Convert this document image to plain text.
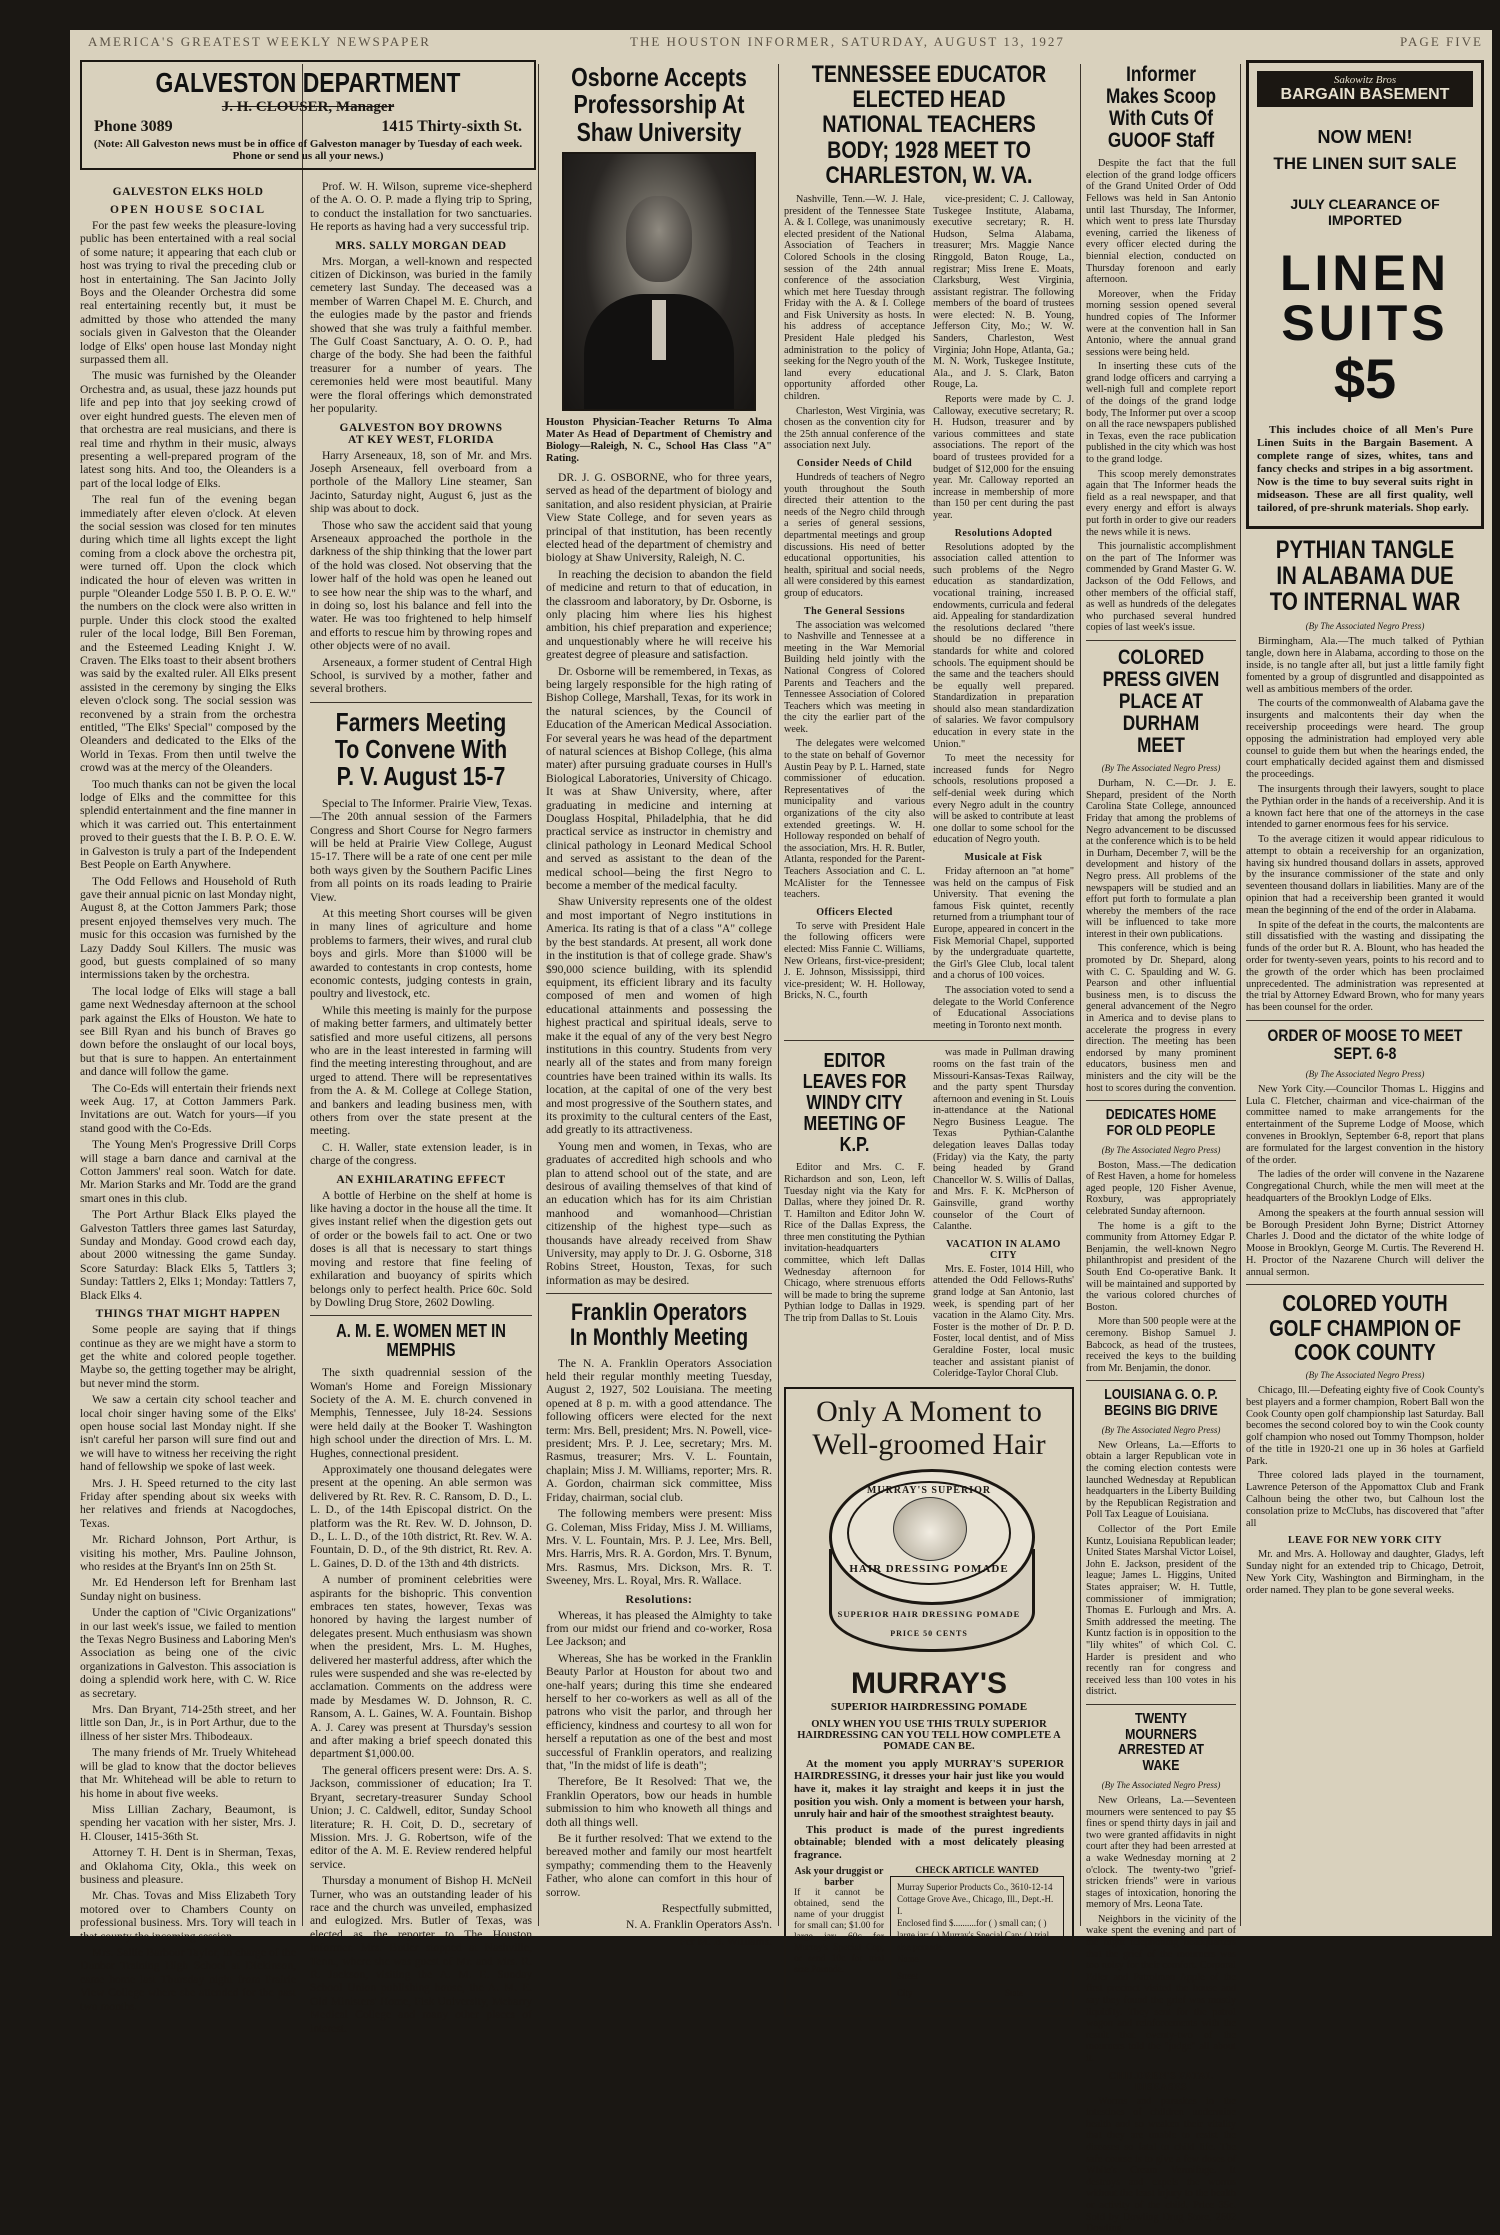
AMERICA'S GREATEST WEEKLY NEWSPAPER	THE HOUSTON INFORMER, SATURDAY, AUGUST 13, 1927	PAGE FIVE
GALVESTON DEPARTMENT
J. H. CLOUSER, Manager
Phone 3089	1415 Thirty-sixth St.
(Note: All Galveston news must be in office of Galveston manager by Tuesday of each week. Phone or send us all your news.)
GALVESTON ELKS HOLD
OPEN HOUSE SOCIAL

For the past few weeks the pleasure-loving public has been entertained with a real social of some nature; it appearing that each club or host was trying to rival the preceding club or host in entertaining. The San Jacinto Jolly Boys and the Oleander Orchestra did some real entertaining recently but, it must be admitted by those who attended the many socials given in Galveston that the Oleander lodge of Elks' open house last Monday night surpassed them all.

The music was furnished by the Oleander Orchestra and, as usual, these jazz hounds put life and pep into that joy seeking crowd of over eight hundred guests. The eleven men of that orchestra are real musicians, and there is real time and rhythm in their music, always presenting a well-prepared program of the latest song hits. And too, the Oleanders is a part of the local lodge of Elks.

The real fun of the evening began immediately after eleven o'clock. At eleven the social session was closed for ten minutes during which time all lights except the light coming from a clock above the orchestra pit, were turned off. Upon the clock which indicated the hour of eleven was written in purple "Oleander Lodge 550 I. B. P. O. E. W." the numbers on the clock were also written in purple. Under this clock stood the exalted ruler of the local lodge, Bill Ben Foreman, and the Esteemed Leading Knight J. W. Craven. The Elks toast to their absent brothers was said by the exalted ruler. All Elks present assisted in the ceremony by singing the Elks eleven o'clock song. The social session was reconvened by a strain from the orchestra entitled, "The Elks' Special" composed by the Oleanders and dedicated to the Elks of the World in Texas. From then until twelve the crowd was at the mercy of the Oleanders.

Too much thanks can not be given the local lodge of Elks and the committee for this splendid entertainment and the fine manner in which it was carried out. This entertainment proved to their guests that the I. B. P. O. E. W. in Galveston is truly a part of the Independent Best People on Earth Anywhere.

The Odd Fellows and Household of Ruth gave their annual picnic on last Monday night, August 8, at the Cotton Jammers Park; those present enjoyed themselves very much. The music for this occasion was furnished by the Lazy Daddy Soul Killers. The music was good, but guests complained of so many intermissions taken by the orchestra.

The local lodge of Elks will stage a ball game next Wednesday afternoon at the school park against the Elks of Houston. We hate to see Bill Ryan and his bunch of Braves go down before the onslaught of our local boys, but that is sure to happen. An entertainment and dance will follow the game.

The Co-Eds will entertain their friends next week Aug. 17, at Cotton Jammers Park. Invitations are out. Watch for yours—if you stand good with the Co-Eds.

The Young Men's Progressive Drill Corps will stage a barn dance and carnival at the Cotton Jammers' real soon. Watch for date. Mr. Marion Starks and Mr. Todd are the grand smart ones in this club.

The Port Arthur Black Elks played the Galveston Tattlers three games last Saturday, Sunday and Monday. Good crowd each day, about 2000 witnessing the game Sunday. Score Saturday: Black Elks 5, Tattlers 3; Sunday: Tattlers 2, Elks 1; Monday: Tattlers 7, Black Elks 4.

THINGS THAT MIGHT HAPPEN

Some people are saying that if things continue as they are we might have a storm to get the white and colored people together. Maybe so, the getting together may be alright, but never mind the storm.

We saw a certain city school teacher and local choir singer having some of the Elks' open house social last Monday night. If she isn't careful her parson will sure find out and we will have to witness her receiving the right hand of fellowship we spoke of last week.

Mrs. J. H. Speed returned to the city last Friday after spending about six weeks with her relatives and friends at Nacogdoches, Texas.

Mr. Richard Johnson, Port Arthur, is visiting his mother, Mrs. Pauline Johnson, who resides at the Bryant's Inn on 25th St.

Mr. Ed Henderson left for Brenham last Sunday night on business.

Under the caption of "Civic Organizations" in our last week's issue, we failed to mention the Texas Negro Business and Laboring Men's Association as being one of the civic organizations in Galveston. This association is doing a splendid work here, with C. W. Rice as secretary.

Mrs. Dan Bryant, 714-25th street, and her little son Dan, Jr., is in Port Arthur, due to the illness of her sister Mrs. Thibodeaux.

The many friends of Mr. Truely Whitehead will be glad to know that the doctor believes that Mr. Whitehead will be able to return to his home in about five weeks.

Miss Lillian Zachary, Beaumont, is spending her vacation with her sister, Mrs. J. H. Clouser, 1415-36th St.

Attorney T. H. Dent is in Sherman, Texas, and Oklahoma City, Okla., this week on business and pleasure.

Mr. Chas. Tovas and Miss Elizabeth Tory motored over to Chambers County on professional business. Mrs. Tory will teach in that county the incoming session.

Mrs. Sallie Barbour Taylor, in charge of the Dunbar Training High School at Dickinson, came home last Thursday night from Prairie View College where she attended for the past two months.

Prof. W. H. Wilson, supreme vice-shepherd of the A. O. O. P. made a flying trip to Spring, to conduct the installation for two sanctuaries. He reports as having had a very successful trip.

MRS. SALLY MORGAN DEAD

Mrs. Morgan, a well-known and respected citizen of Dickinson, was buried in the family cemetery last Sunday. The deceased was a member of Warren Chapel M. E. Church, and the eulogies made by the pastor and friends showed that she was truly a faithful member. The Gulf Coast Sanctuary, A. O. O. P., had charge of the body. She had been the faithful treasurer for a number of years. The ceremonies held were most beautiful. Many were the floral offerings which demonstrated her popularity.

GALVESTON BOY DROWNS
AT KEY WEST, FLORIDA

Harry Arseneaux, 18, son of Mr. and Mrs. Joseph Arseneaux, fell overboard from a porthole of the Mallory Line steamer, San Jacinto, Saturday night, August 6, just as the ship was about to dock.

Those who saw the accident said that young Arseneaux approached the porthole in the darkness of the ship thinking that the lower part of the hold was closed. Not observing that the lower half of the hold was open he leaned out to see how near the ship was to the wharf, and in doing so, lost his balance and fell into the water. He was too frightened to help himself and efforts to rescue him by throwing ropes and other objects were of no avail.

Arseneaux, a former student of Central High School, is survived by a mother, father and several brothers.

Farmers Meeting To Convene With P. V. August 15-7

Special to The Informer. Prairie View, Texas.—The 20th annual session of the Farmers Congress and Short Course for Negro farmers will be held at Prairie View College, August 15-17. There will be a rate of one cent per mile both ways given by the Southern Pacific Lines from all points on its roads leading to Prairie View.

At this meeting Short courses will be given in many lines of agriculture and home problems to farmers, their wives, and rural club boys and girls. More than $1000 will be awarded to contestants in crop contests, home economic contests, judging contests in grain, poultry and livestock, etc.

While this meeting is mainly for the purpose of making better farmers, and ultimately better satisfied and more useful citizens, all persons who are in the least interested in farming will find the meeting interesting throughout, and are urged to attend. There will be representatives from the A. & M. College at College Station, and bankers and leading business men, with others from over the state present at the meeting.

C. H. Waller, state extension leader, is in charge of the congress.

AN EXHILARATING EFFECT

A bottle of Herbine on the shelf at home is like having a doctor in the house all the time. It gives instant relief when the digestion gets out of order or the bowels fail to act. One or two doses is all that is necessary to start things moving and restore that fine feeling of exhilaration and buoyancy of spirits which belongs only to perfect health. Price 60c. Sold by Dowling Drug Store, 2602 Dowling.

A. M. E. WOMEN MET IN MEMPHIS

The sixth quadrennial session of the Woman's Home and Foreign Missionary Society of the A. M. E. church convened in Memphis, Tennessee, July 18-24. Sessions were held daily at the Booker T. Washington high school under the direction of Mrs. L. M. Hughes, connectional president.

Approximately one thousand delegates were present at the opening. An able sermon was delivered by Rt. Rev. R. C. Ransom, D. D., L. L. D., of the 14th Episcopal district. On the platform was the Rt. Rev. W. D. Johnson, D. D., L. L. D., of the 10th district, Rt. Rev. W. A. Fountain, D. D., of the 9th district, Rt. Rev. A. L. Gaines, D. D. of the 13th and 4th districts.

A number of prominent celebrities were aspirants for the bishopric. This convention embraces ten states, however, Texas was honored by having the largest number of delegates present. Much enthusiasm was shown when the president, Mrs. L. M. Hughes, delivered her masterful address, after which the rules were suspended and she was re-elected by acclamation. Comments on the address were made by Mesdames W. D. Johnson, R. C. Ransom, A. L. Gaines, W. A. Fountain. Bishop A. J. Carey was present at Thursday's session and after making a brief speech donated this department $1,000.00.

The general officers present were: Drs. A. S. Jackson, commissioner of education; Ira T. Bryant, secretary-treasurer Sunday School Union; J. C. Caldwell, editor, Sunday School literature; R. H. Coit, D. D., secretary of Mission. Mrs. J. G. Robertson, wife of the editor of the A. M. E. Review rendered helpful service.

Thursday a monument of Bishop H. McNeil Turner, who was an outstanding leader of his race and the church was unveiled, emphasized and eulogized. Mrs. Butler of Texas, was elected as the reporter to The Houston Informer. Mrs. Butler stopped at Nashville, Tenn., where she was guest of Mr. and Mrs. R. R. Jackson, visiting the A. M. E. Sunday School Union publishing house, the A. M. E. Old Ministers' Home, Fisk University, Meharry Medical College and many other places of interest.

Osborne Accepts Professorship At Shaw University

Houston Physician-Teacher Returns To Alma Mater As Head of Department of Chemistry and Biology—Raleigh, N. C., School Has Class "A" Rating.

DR. J. G. OSBORNE, who for three years, served as head of the department of biology and sanitation, and also resident physician, at Prairie View State College, and for seven years as principal of that institution, has been recently elected head of the department of chemistry and biology at Shaw University, Raleigh, N. C.

In reaching the decision to abandon the field of medicine and return to that of education, in the classroom and laboratory, by Dr. Osborne, is only placing him where lies his highest ambition, his chief preparation and experience; and unquestionably where he will receive his greatest degree of pleasure and satisfaction.

Dr. Osborne will be remembered, in Texas, as being largely responsible for the high rating of Bishop College, Marshall, Texas, for its work in the natural sciences, by the Council of Education of the American Medical Association. For several years he was head of the department of natural sciences at Bishop College, (his alma mater) after pursuing graduate courses in Hull's Biological Laboratories, University of Chicago. It was at Shaw University, where, after graduating in medicine and interning at Douglass Hospital, Philadelphia, that he did practical service as instructor in chemistry and clinical pathology in Leonard Medical School and served as assistant to the dean of the medical school—being the first Negro to become a member of the medical faculty.

Shaw University represents one of the oldest and most important of Negro institutions in America. Its rating is that of a class "A" college by the best standards. At present, all work done in the institution is that of college grade. Shaw's $90,000 science building, with its splendid equipment, its efficient library and its faculty composed of men and women of high educational attainments and possessing the highest practical and spiritual ideals, serve to make it the equal of any of the very best Negro institutions in this country. Students from very nearly all of the states and from many foreign countries have been trained within its walls. Its location, at the capital of one of the very best and most progressive of the Southern states, and its proximity to the cultural centers of the East, add greatly to its attractiveness.

Young men and women, in Texas, who are graduates of accredited high schools and who plan to attend school out of the state, and are desirous of availing themselves of that kind of an education which has for its aim Christian manhood and womanhood—Christian citizenship of the highest type—such as thousands have already received from Shaw University, may apply to Dr. J. G. Osborne, 318 Robins Street, Houston, Texas, for such information as may be desired.

Franklin Operators In Monthly Meeting

The N. A. Franklin Operators Association held their regular monthly meeting Tuesday, August 2, 1927, 502 Louisiana. The meeting opened at 8 p. m. with a good attendance. The following officers were elected for the next term: Mrs. Bell, president; Mrs. N. Powell, vice-president; Mrs. P. J. Lee, secretary; Mrs. M. Rasmus, treasurer; Mrs. V. L. Fountain, chaplain; Miss J. M. Williams, reporter; Mrs. R. A. Gordon, chairman sick committee, Miss Friday, chairman, social club.

The following members were present: Miss G. Coleman, Miss Friday, Miss J. M. Williams, Mrs. V. L. Fountain, Mrs. P. J. Lee, Mrs. Bell, Mrs. Harris, Mrs. R. A. Gordon, Mrs. T. Bynum, Mrs. Rasmus, Mrs. Dickson, Mrs. R. T. Sweeney, Mrs. L. Royal, Mrs. R. Wallace.

Resolutions:

Whereas, it has pleased the Almighty to take from our midst our friend and co-worker, Rosa Lee Jackson; and

Whereas, She has be worked in the Franklin Beauty Parlor at Houston for about two and one-half years; during this time she endeared herself to her co-workers as well as all of the patrons who visit the parlor, and through her efficiency, kindness and courtesy to all won for herself a reputation as one of the best and most successful of Franklin operators, and realizing that, "In the midst of life is death";

Therefore, Be It Resolved: That we, the Franklin Operators, bow our heads in humble submission to him who knoweth all things and doth all things well.

Be it further resolved: That we extend to the bereaved mother and family our most heartfelt sympathy; commending them to the Heavenly Father, who alone can comfort in this hour of sorrow.

Respectfully submitted,

N. A. Franklin Operators Ass'n.

Per M. B. Williams.

TENNESSEE EDUCATOR ELECTED HEAD NATIONAL TEACHERS BODY; 1928 MEET TO CHARLESTON, W. VA.

Nashville, Tenn.—W. J. Hale, president of the Tennessee State A. & I. College, was unanimously elected president of the National Association of Teachers in Colored Schools in the closing session of the 24th annual conference of the association which met here Tuesday through Friday with the A. & I. College and Fisk University as hosts. In his address of acceptance President Hale pledged his administration to the policy of seeking for the Negro youth of the land every educational opportunity afforded other children.

Charleston, West Virginia, was chosen as the convention city for the 25th annual conference of the association next July.

Consider Needs of Child

Hundreds of teachers of Negro youth throughout the South directed their attention to the needs of the Negro child through a series of general sessions, departmental meetings and group discussions. His need of better educational opportunities, his health, spiritual and social needs, all were considered by this earnest group of educators.

The General Sessions

The association was welcomed to Nashville and Tennessee at a meeting in the War Memorial Building held jointly with the National Congress of Colored Parents and Teachers and the Tennessee Association of Colored Teachers which was meeting in the city the earlier part of the week.

The delegates were welcomed to the state on behalf of Governor Austin Peay by P. L. Harned, state commissioner of education. Representatives of the municipality and various organizations of the city also extended greetings. W. H. Holloway responded on behalf of the association, Mrs. H. R. Butler, Atlanta, responded for the Parent-Teachers Association and C. L. McAlister for the Tennessee teachers.

Officers Elected

To serve with President Hale the following officers were elected: Miss Fannie C. Williams, New Orleans, first-vice-president; J. E. Johnson, Mississippi, third vice-president; W. H. Holloway, Bricks, N. C., fourth

vice-president; C. J. Calloway, Tuskegee Institute, Alabama, executive secretary; R. H. Hudson, Selma Alabama, treasurer; Mrs. Maggie Nance Ringgold, Baton Rouge, La., registrar; Miss Irene E. Moats, Clarksburg, West Virginia, assistant registrar. The following members of the board of trustees were elected: N. B. Young, Jefferson City, Mo.; W. W. Sanders, Charleston, West Virginia; John Hope, Atlanta, Ga.; M. N. Work, Tuskegee Institute, Ala., and J. S. Clark, Baton Rouge, La.

Reports were made by C. J. Calloway, executive secretary; R. H. Hudson, treasurer and by various committees and state associations. The report of the board of trustees provided for a budget of $12,000 for the ensuing year. Mr. Calloway reported an increase in membership of more than 150 per cent during the past year.

Resolutions Adopted

Resolutions adopted by the association called attention to such problems of the Negro education as standardization, vocational training, increased endowments, curricula and federal aid. Appealing for standardization the resolutions declared "there should be no difference in standards for white and colored schools. The equipment should be the same and the teachers should be equally well prepared. Standardization in preparation should also mean standardization of salaries. We favor compulsory education in every state in the Union."

To meet the necessity for increased funds for Negro schools, resolutions proposed a self-denial week during which every Negro adult in the country will be asked to contribute at least one dollar to some school for the education of Negro youth.

Musicale at Fisk

Friday afternoon an "at home" was held on the campus of Fisk University. That evening the famous Fisk quintet, recently returned from a triumphant tour of Europe, appeared in concert in the Fisk Memorial Chapel, supported by the undergraduate quartette, the Girl's Glee Club, local talent and a chorus of 100 voices.

The association voted to send a delegate to the World Conference of Educational Associations meeting in Toronto next month.

EDITOR LEAVES FOR WINDY CITY MEETING OF K.P.

Editor and Mrs. C. F. Richardson and son, Leon, left Tuesday night via the Katy for Dallas, where they joined Dr. R. T. Hamilton and Editor John W. Rice of the Dallas Express, the three men constituting the Pythian invitation-headquarters committee, which left Dallas Wednesday afternoon for Chicago, where strenuous efforts will be made to bring the supreme Pythian lodge to Dallas in 1929. The trip from Dallas to St. Louis

was made in Pullman drawing rooms on the fast train of the Missouri-Kansas-Texas Railway, and the party spent Thursday afternoon and evening in St. Louis in-attendance at the National Negro Business League. The Texas Pythian-Calanthe delegation leaves Dallas today (Friday) via the Katy, the party being headed by Grand Chancellor W. S. Willis of Dallas, and Mrs. F. K. McPherson of Gainsville, grand worthy counselor of the Court of Calanthe.

VACATION IN ALAMO CITY

Mrs. E. Foster, 1014 Hill, who attended the Odd Fellows-Ruths' grand lodge at San Antonio, last week, is spending part of her vacation in the Alamo City. Mrs. Foster is the mother of Dr. P. D. Foster, local dentist, and of Miss Geraldine Foster, local music teacher and assistant pianist of Coleridge-Taylor Choral Club.

Only A Moment to Well-groomed Hair
MURRAY'S SUPERIOR
HAIR DRESSING POMADE
SUPERIOR HAIR DRESSING POMADE
PRICE 50 CENTS
MURRAY'S
SUPERIOR HAIRDRESSING POMADE
ONLY WHEN YOU USE THIS TRULY SUPERIOR HAIRDRESSING CAN YOU TELL HOW COMPLETE A POMADE CAN BE.

At the moment you apply MURRAY'S SUPERIOR HAIRDRESSING, it dresses your hair just like you would have it, makes it lay straight and keeps it in just the position you wish. Only a moment is between your harsh, unruly hair and hair of the smoothest straightest beauty.

This product is made of the purest ingredients obtainable; blended with a most delicately pleasing fragrance.

Ask your druggist or barber

If it cannot be obtained, send the name of your druggist for small can; $1.00 for large jar; 60c for Murray's Special Cap, or send 10c for trial size Pomade.

CHECK ARTICLE WANTED
Murray Superior Products Co., 3610-12-14 Cottage Grove Ave., Chicago, Ill., Dept.-H. I.
Enclosed find $..........for ( ) small can; ( ) large jar; ( ) Murray's Special Cap; ( ) trial size pomade.
Name
Street
City	State
Informer Makes Scoop With Cuts Of GUOOF Staff

Despite the fact that the full election of the grand lodge officers of the Grand United Order of Odd Fellows was held in San Antonio until last Thursday, The Informer, which went to press late Thursday evening, carried the likeness of every officer elected during the biennial election, conducted on Thursday forenoon and early afternoon.

Moreover, when the Friday morning session opened several hundred copies of The Informer were at the convention hall in San Antonio, where the annual grand sessions were being held.

In inserting these cuts of the grand lodge officers and carrying a well-nigh full and complete report of the doings of the grand lodge body, The Informer put over a scoop on all the race newspapers published in Texas, even the race publication published in the city which was host to the grand lodge.

This scoop merely demonstrates again that The Informer heads the field as a real newspaper, and that every energy and effort is always put forth in order to give our readers the news while it is news.

This journalistic accomplishment on the part of The Informer was commended by Grand Master G. W. Jackson of the Odd Fellows, and other members of the official staff, as well as hundreds of the delegates who purchased several hundred copies of last week's issue.

COLORED PRESS GIVEN PLACE AT DURHAM MEET
(By The Associated Negro Press)

Durham, N. C.—Dr. J. E. Shepard, president of the North Carolina State College, announced Friday that among the problems of Negro advancement to be discussed at the conference which is to be held in Durham, December 7, will be the development and history of the Negro press. All problems of the newspapers will be studied and an effort put forth to formulate a plan whereby the members of the race will be influenced to take more interest in their own publications.

This conference, which is being promoted by Dr. Shepard, along with C. C. Spaulding and W. G. Pearson and other influential business men, is to discuss the general advancement of the Negro in America and to devise plans to accelerate the progress in every direction. The meeting has been endorsed by many prominent educators, business men and ministers and the city will be the host to scores during the convention.

DEDICATES HOME FOR OLD PEOPLE
(By The Associated Negro Press)

Boston, Mass.—The dedication of Rest Haven, a home for homeless aged people, 120 Fisher Avenue, Roxbury, was appropriately celebrated Sunday afternoon.

The home is a gift to the community from Attorney Edgar P. Benjamin, the well-known Negro philanthropist and president of the South End Co-operative Bank. It will be maintained and supported by the various colored churches of Boston.

More than 500 people were at the ceremony. Bishop Samuel J. Babcock, as head of the trustees, received the keys to the building from Mr. Benjamin, the donor.

LOUISIANA G. O. P. BEGINS BIG DRIVE
(By The Associated Negro Press)

New Orleans, La.—Efforts to obtain a larger Republican vote in the coming election contests were launched Wednesday at Republican headquarters in the Liberty Building by the Republican Registration and Poll Tax League of Louisiana.

Collector of the Port Emile Kuntz, Louisiana Republican leader; United States Marshal Victor Loisel, John E. Jackson, president of the league; James L. Higgins, United States appraiser; W. H. Tuttle, commissioner of immigration; Thomas E. Furlough and Mrs. A. Smith addressed the meeting. The Kuntz faction is in opposition to the "lily whites" of which Col. C. Harder is president and who recently ran for congress and received less than 100 votes in his district.

TWENTY MOURNERS ARRESTED AT WAKE
(By The Associated Negro Press)

New Orleans, La.—Seventeen mourners were sentenced to pay $5 fines or spend thirty days in jail and two were granted affidavits in night court after they had been arrested at a wake Wednesday morning at 2 o'clock. The twenty-two "grief-stricken friends" were in various stages of intoxication, honoring the memory of Mrs. Leona Tate.

Neighbors in the vicinity of the wake spent the evening and part of the night telephoning headquarters that the grief of the mourners was too noisy for their comfort. Corporal Edler and Patrolman Apple of the first precinct visited the house and say they found the grief was mostly liquidity. They sent for the patrol wagon and reinforcements with the result that twenty-two of the mourners told the "judge" all about it.

CHILDREN'S FATAL DISEASES

Worms and parasites in the intestines of children undermine health and so weaken their vitality that they are unable to resist the diseases so fatal to child life. The safe course is to give a few doses of White's Cream Vermifuge. It destroys and expels the worms without the least injury to the health or activity of the child. Price 35c. Sold by Dowling Drug Store, 2602 Dowling.

Sakowitz Bros
BARGAIN BASEMENT
NOW MEN!
THE LINEN SUIT SALE
JULY CLEARANCE OF IMPORTED
LINEN
SUITS
$5

This includes choice of all Men's Pure Linen Suits in the Bargain Basement. A complete range of sizes, whites, tans and fancy checks and stripes in a big assortment. Now is the time to buy several suits right in midseason. These are all first quality, well tailored, of pre-shrunk materials. Shop early.

PYTHIAN TANGLE IN ALABAMA DUE TO INTERNAL WAR
(By The Associated Negro Press)

Birmingham, Ala.—The much talked of Pythian tangle, down here in Alabama, according to those on the inside, is no tangle after all, but just a little family fight fomented by a group of disgruntled and disappointed as well as ambitious members of the order.

The courts of the commonwealth of Alabama gave the insurgents and malcontents their day when the receivership proceedings were heard. The group opposing the administration had employed very able counsel to guide them but when the hearings ended, the court emphatically decided against them and dismissed the proceedings.

The insurgents through their lawyers, sought to place the Pythian order in the hands of a receivership. And it is a known fact here that one of the attorneys in the case intended to garner enormous fees for his service.

To the average citizen it would appear ridiculous to attempt to obtain a receivership for an organization, having six hundred thousand dollars in assets, approved by the insurance commissioner of the state and only seventeen thousand dollars in liabilities. Many are of the opinion that had a receivership been granted it would mean the beginning of the end of the order in Alabama.

In spite of the defeat in the courts, the malcontents are still dissatisfied with the wasting and dissipating the funds of the order but R. A. Blount, who has headed the order for twenty-seven years, points to his record and to the growth of the order which has been proclaimed unprecedented. The administration was represented at the trial by Attorney Edward Brown, who for many years has been counsel for the order.

ORDER OF MOOSE TO MEET SEPT. 6-8
(By The Associated Negro Press)

New York City.—Councilor Thomas L. Higgins and Lula C. Fletcher, chairman and vice-chairman of the committee named to make arrangements for the entertainment of the Supreme Lodge of Moose, which convenes in Brooklyn, September 6-8, report that plans are formulated for the largest convention in the history of the order.

The ladies of the order will convene in the Nazarene Congregational Church, while the men will meet at the headquarters of the Brooklyn Lodge of Elks.

Among the speakers at the fourth annual session will be Borough President John Byrne; District Attorney Charles J. Dood and the dictator of the white lodge of Moose in Brooklyn, George M. Curtis. The Reverend H. H. Proctor of the Nazarene Church will deliver the annual sermon.

COLORED YOUTH GOLF CHAMPION OF COOK COUNTY
(By The Associated Negro Press)

Chicago, Ill.—Defeating eighty five of Cook County's best players and a former champion, Robert Ball won the Cook County open golf championship last Saturday. Ball becomes the second colored boy to win the Cook county golf champion who nosed out Tommy Thompson, holder of the title in 1920-21 one up in 36 holes at Garfield Park.

Three colored lads played in the tournament, Lawrence Peterson of the Appomattox Club and Frank Calhoun being the other two, but Calhoun lost the consolation prize to McClubs, has discovered that "after all

LEAVE FOR NEW YORK CITY

Mr. and Mrs. A. Holloway and daughter, Gladys, left Sunday night for an extended trip to Chicago, Detroit, New York City, Washington and Birmingham, in the order named. They plan to be gone several weeks.
